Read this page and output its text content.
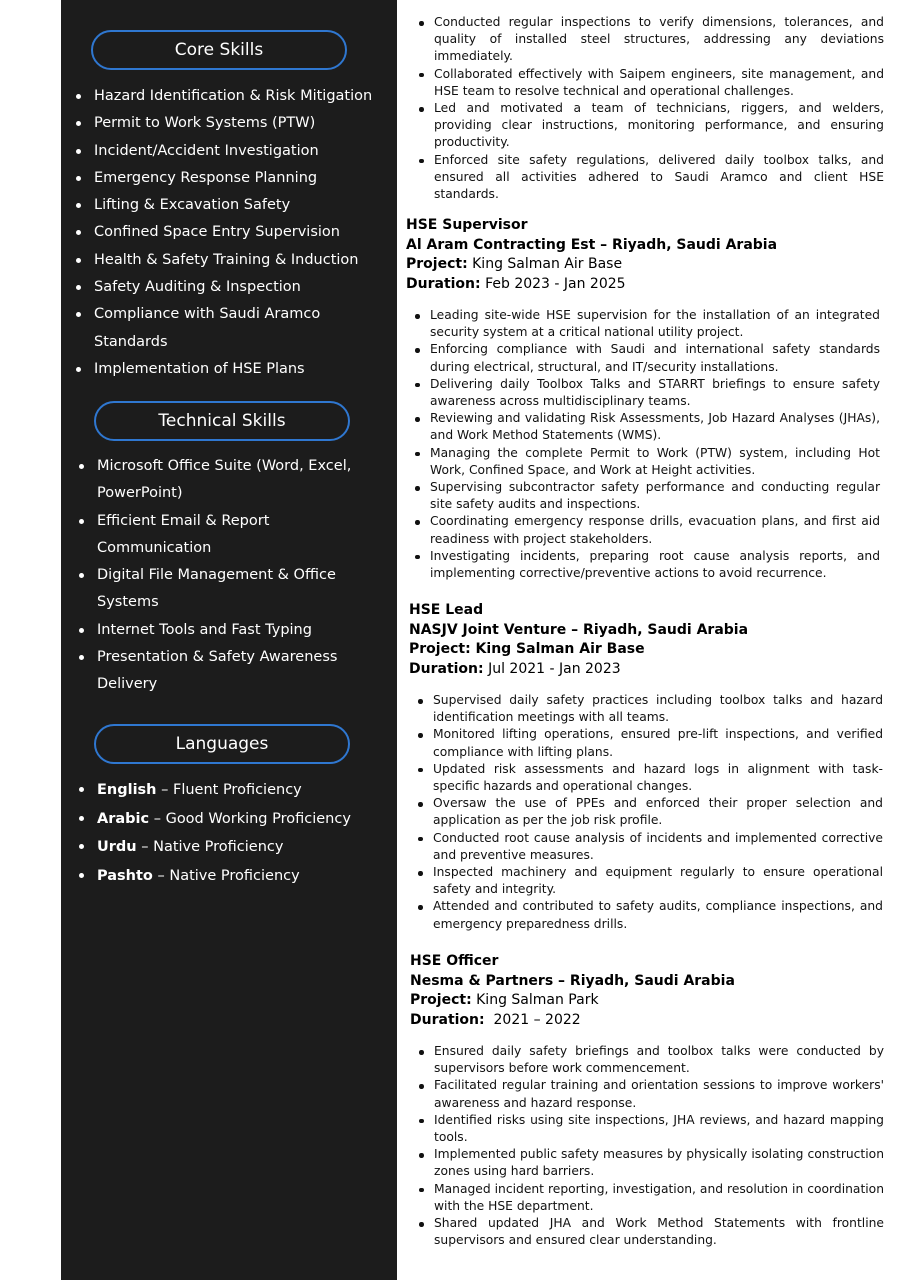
Core Skills
Hazard Identification & Risk Mitigation
Permit to Work Systems (PTW)
Incident/Accident Investigation
Emergency Response Planning
Lifting & Excavation Safety
Confined Space Entry Supervision
Health & Safety Training & Induction
Safety Auditing & Inspection
Compliance with Saudi Aramco Standards
Implementation of HSE Plans
Technical Skills
Microsoft Office Suite (Word, Excel, PowerPoint)
Efficient Email & Report Communication
Digital File Management & Office Systems
Internet Tools and Fast Typing
Presentation & Safety Awareness Delivery
Languages
English – Fluent Proficiency
Arabic – Good Working Proficiency
Urdu – Native Proficiency
Pashto – Native Proficiency
Conducted regular inspections to verify dimensions, tolerances, and quality of installed steel structures, addressing any deviations immediately.
Collaborated effectively with Saipem engineers, site management, and HSE team to resolve technical and operational challenges.
Led and motivated a team of technicians, riggers, and welders, providing clear instructions, monitoring performance, and ensuring productivity.
Enforced site safety regulations, delivered daily toolbox talks, and ensured all activities adhered to Saudi Aramco and client HSE standards.
HSE Supervisor
Al Aram Contracting Est – Riyadh, Saudi Arabia
Project: King Salman Air Base
Duration: Feb 2023 - Jan 2025
Leading site-wide HSE supervision for the installation of an integrated security system at a critical national utility project.
Enforcing compliance with Saudi and international safety standards during electrical, structural, and IT/security installations.
Delivering daily Toolbox Talks and STARRT briefings to ensure safety awareness across multidisciplinary teams.
Reviewing and validating Risk Assessments, Job Hazard Analyses (JHAs), and Work Method Statements (WMS).
Managing the complete Permit to Work (PTW) system, including Hot Work, Confined Space, and Work at Height activities.
Supervising subcontractor safety performance and conducting regular site safety audits and inspections.
Coordinating emergency response drills, evacuation plans, and first aid readiness with project stakeholders.
Investigating incidents, preparing root cause analysis reports, and implementing corrective/preventive actions to avoid recurrence.
HSE Lead
NASJV Joint Venture – Riyadh, Saudi Arabia
Project: King Salman Air Base
Duration: Jul 2021 - Jan 2023
Supervised daily safety practices including toolbox talks and hazard identification meetings with all teams.
Monitored lifting operations, ensured pre-lift inspections, and verified compliance with lifting plans.
Updated risk assessments and hazard logs in alignment with task-specific hazards and operational changes.
Oversaw the use of PPEs and enforced their proper selection and application as per the job risk profile.
Conducted root cause analysis of incidents and implemented corrective and preventive measures.
Inspected machinery and equipment regularly to ensure operational safety and integrity.
Attended and contributed to safety audits, compliance inspections, and emergency preparedness drills.
HSE Officer
Nesma & Partners – Riyadh, Saudi Arabia
Project: King Salman Park
Duration:  2021 – 2022
Ensured daily safety briefings and toolbox talks were conducted by supervisors before work commencement.
Facilitated regular training and orientation sessions to improve workers' awareness and hazard response.
Identified risks using site inspections, JHA reviews, and hazard mapping tools.
Implemented public safety measures by physically isolating construction zones using hard barriers.
Managed incident reporting, investigation, and resolution in coordination with the HSE department.
Shared updated JHA and Work Method Statements with frontline supervisors and ensured clear understanding.
